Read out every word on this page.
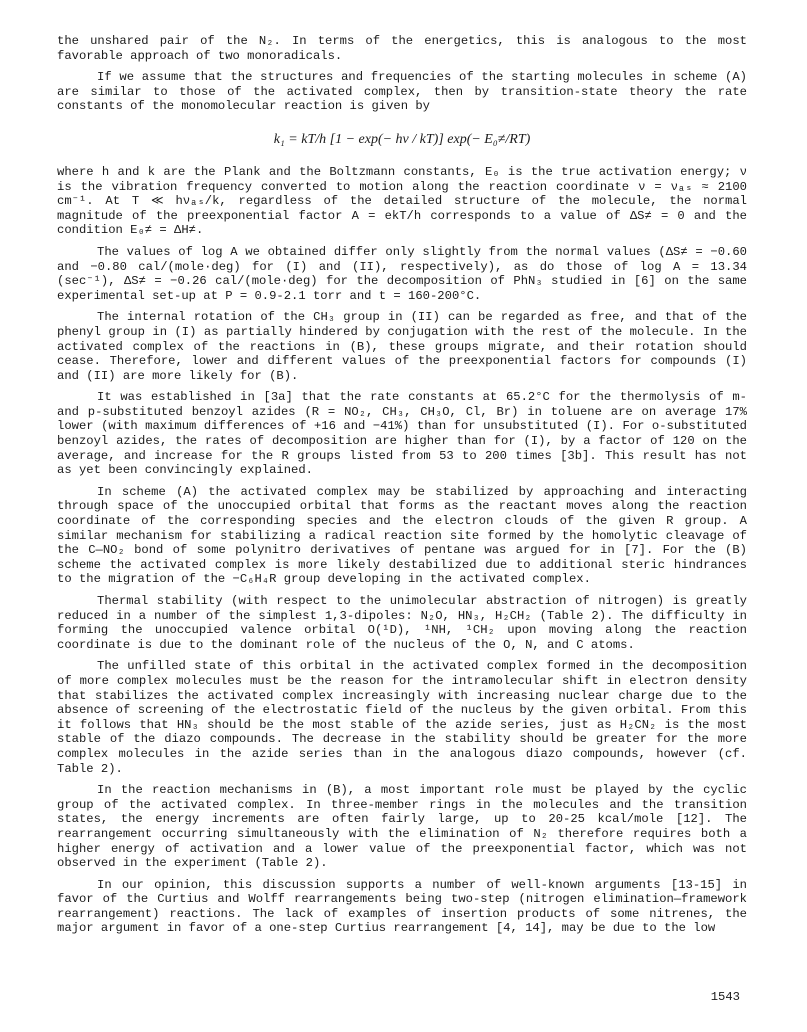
the unshared pair of the N₂. In terms of the energetics, this is analogous to the most favorable approach of two monoradicals.

If we assume that the structures and frequencies of the starting molecules in scheme (A) are similar to those of the activated complex, then by transition-state theory the rate constants of the monomolecular reaction is given by

k₁ = kT/h [1 − exp(− hν / kT)] exp(− E₀≠/RT)

where h and k are the Plank and the Boltzmann constants, E₀ is the true activation energy; ν is the vibration frequency converted to motion along the reaction coordinate ν = νₐₛ ≈ 2100 cm⁻¹. At T ≪ hνₐₛ/k, regardless of the detailed structure of the molecule, the normal magnitude of the preexponential factor A = ekT/h corresponds to a value of ΔS≠ = 0 and the condition E₀≠ = ΔH≠.

The values of log A we obtained differ only slightly from the normal values (ΔS≠ = −0.60 and −0.80 cal/(mole·deg) for (I) and (II), respectively), as do those of log A = 13.34 (sec⁻¹), ΔS≠ = −0.26 cal/(mole·deg) for the decomposition of PhN₃ studied in [6] on the same experimental set-up at P = 0.9-2.1 torr and t = 160-200°C.

The internal rotation of the CH₃ group in (II) can be regarded as free, and that of the phenyl group in (I) as partially hindered by conjugation with the rest of the molecule. In the activated complex of the reactions in (B), these groups migrate, and their rotation should cease. Therefore, lower and different values of the preexponential factors for compounds (I) and (II) are more likely for (B).

It was established in [3a] that the rate constants at 65.2°C for the thermolysis of m- and p-substituted benzoyl azides (R = NO₂, CH₃, CH₃O, Cl, Br) in toluene are on average 17% lower (with maximum differences of +16 and −41%) than for unsubstituted (I). For o-substituted benzoyl azides, the rates of decomposition are higher than for (I), by a factor of 120 on the average, and increase for the R groups listed from 53 to 200 times [3b]. This result has not as yet been convincingly explained.

In scheme (A) the activated complex may be stabilized by approaching and interacting through space of the unoccupied orbital that forms as the reactant moves along the reaction coordinate of the corresponding species and the electron clouds of the given R group. A similar mechanism for stabilizing a radical reaction site formed by the homolytic cleavage of the C—NO₂ bond of some polynitro derivatives of pentane was argued for in [7]. For the (B) scheme the activated complex is more likely destabilized due to additional steric hindrances to the migration of the −C₆H₄R group developing in the activated complex.

Thermal stability (with respect to the unimolecular abstraction of nitrogen) is greatly reduced in a number of the simplest 1,3-dipoles: N₂O, HN₃, H₂CH₂ (Table 2). The difficulty in forming the unoccupied valence orbital O(¹D), ¹NH, ¹CH₂ upon moving along the reaction coordinate is due to the dominant role of the nucleus of the O, N, and C atoms.

The unfilled state of this orbital in the activated complex formed in the decomposition of more complex molecules must be the reason for the intramolecular shift in electron density that stabilizes the activated complex increasingly with increasing nuclear charge due to the absence of screening of the electrostatic field of the nucleus by the given orbital. From this it follows that HN₃ should be the most stable of the azide series, just as H₂CN₂ is the most stable of the diazo compounds. The decrease in the stability should be greater for the more complex molecules in the azide series than in the analogous diazo compounds, however (cf. Table 2).

In the reaction mechanisms in (B), a most important role must be played by the cyclic group of the activated complex. In three-member rings in the molecules and the transition states, the energy increments are often fairly large, up to 20-25 kcal/mole [12]. The rearrangement occurring simultaneously with the elimination of N₂ therefore requires both a higher energy of activation and a lower value of the preexponential factor, which was not observed in the experiment (Table 2).

In our opinion, this discussion supports a number of well-known arguments [13-15] in favor of the Curtius and Wolff rearrangements being two-step (nitrogen elimination—framework rearrangement) reactions. The lack of examples of insertion products of some nitrenes, the major argument in favor of a one-step Curtius rearrangement [4, 14], may be due to the low

1543
